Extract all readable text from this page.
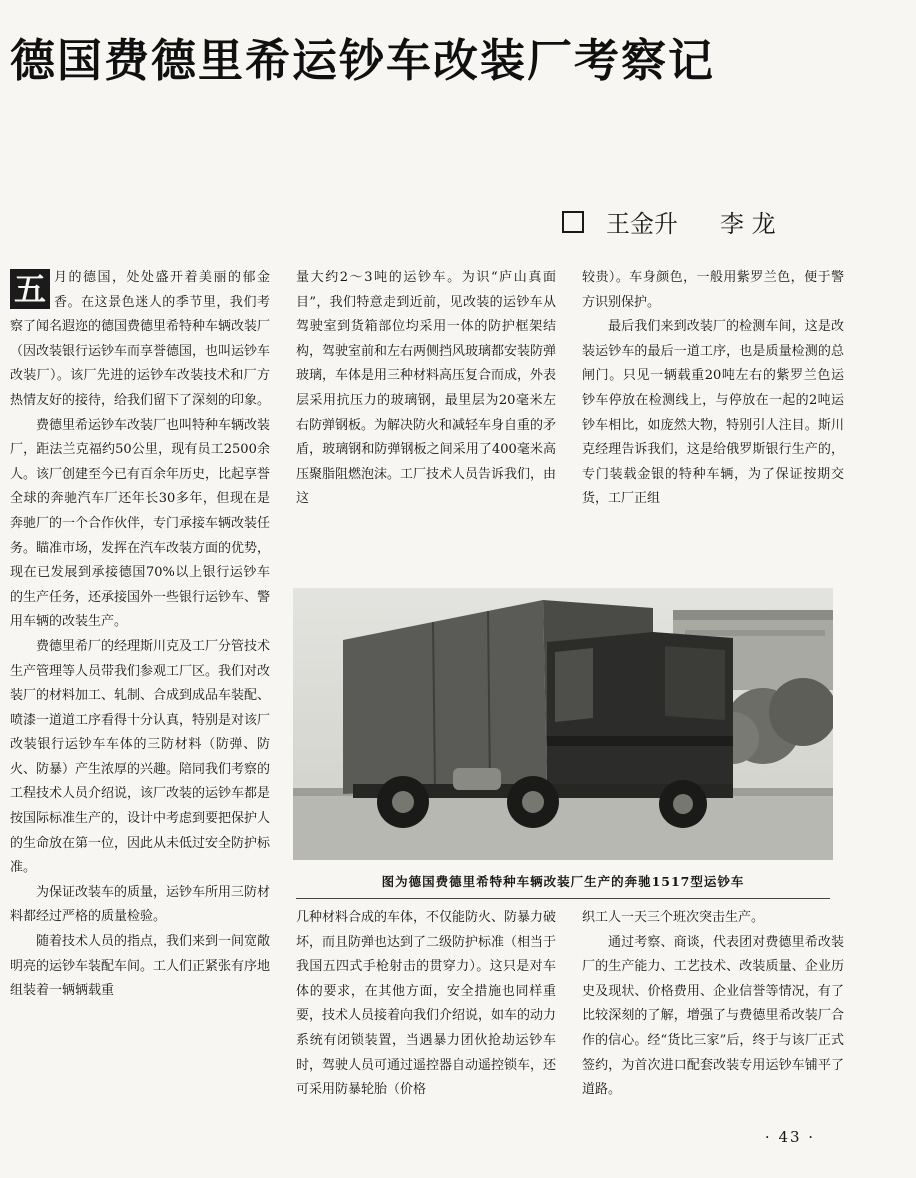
德国费德里希运钞车改装厂考察记
王金升 李 龙

五 月的德国，处处盛开着美丽的郁金香。在这景色迷人的季节里，我们考察了闻名遐迩的德国费德里希特种车辆改装厂（因改装银行运钞车而享誉德国，也叫运钞车改装厂）。该厂先进的运钞车改装技术和厂方热情友好的接待，给我们留下了深刻的印象。

费德里希运钞车改装厂也叫特种车辆改装厂，距法兰克福约50公里，现有员工2500余人。该厂创建至今已有百余年历史，比起享誉全球的奔驰汽车厂还年长30多年，但现在是奔驰厂的一个合作伙伴，专门承接车辆改装任务。瞄准市场，发挥在汽车改装方面的优势，现在已发展到承接德国70%以上银行运钞车的生产任务，还承接国外一些银行运钞车、警用车辆的改装生产。

费德里希厂的经理斯川克及工厂分管技术生产管理等人员带我们参观工厂区。我们对改装厂的材料加工、轧制、合成到成品车装配、喷漆一道道工序看得十分认真，特别是对该厂改装银行运钞车车体的三防材料（防弹、防火、防暴）产生浓厚的兴趣。陪同我们考察的工程技术人员介绍说，该厂改装的运钞车都是按国际标准生产的，设计中考虑到要把保护人的生命放在第一位，因此从未低过安全防护标准。

为保证改装车的质量，运钞车所用三防材料都经过严格的质量检验。

随着技术人员的指点，我们来到一间宽敞明亮的运钞车装配车间。工人们正紧张有序地组装着一辆辆载重

量大约2～3吨的运钞车。为识“庐山真面目”，我们特意走到近前，见改装的运钞车从驾驶室到货箱部位均采用一体的防护框架结构，驾驶室前和左右两侧挡风玻璃都安装防弹玻璃，车体是用三种材料高压复合而成，外表层采用抗压力的玻璃钢，最里层为20毫米左右防弹钢板。为解决防火和减轻车身自重的矛盾，玻璃钢和防弹钢板之间采用了400毫米高压聚脂阻燃泡沫。工厂技术人员告诉我们，由这

较贵）。车身颜色，一般用紫罗兰色，便于警方识别保护。

最后我们来到改装厂的检测车间，这是改装运钞车的最后一道工序，也是质量检测的总闸门。只见一辆载重20吨左右的紫罗兰色运钞车停放在检测线上，与停放在一起的2吨运钞车相比，如庞然大物，特别引人注目。斯川克经理告诉我们，这是给俄罗斯银行生产的，专门装载金银的特种车辆，为了保证按期交货，工厂正组

图为德国费德里希特种车辆改装厂生产的奔驰1517型运钞车

几种材料合成的车体，不仅能防火、防暴力破坏，而且防弹也达到了二级防护标准（相当于我国五四式手枪射击的贯穿力）。这只是对车体的要求，在其他方面，安全措施也同样重要，技术人员接着向我们介绍说，如车的动力系统有闭锁装置，当遇暴力团伙抢劫运钞车时，驾驶人员可通过遥控器自动遥控锁车，还可采用防暴轮胎（价格

织工人一天三个班次突击生产。

通过考察、商谈，代表团对费德里希改装厂的生产能力、工艺技术、改装质量、企业历史及现状、价格费用、企业信誉等情况，有了比较深刻的了解，增强了与费德里希改装厂合作的信心。经“货比三家”后，终于与该厂正式签约，为首次进口配套改装专用运钞车铺平了道路。

· 43 ·
